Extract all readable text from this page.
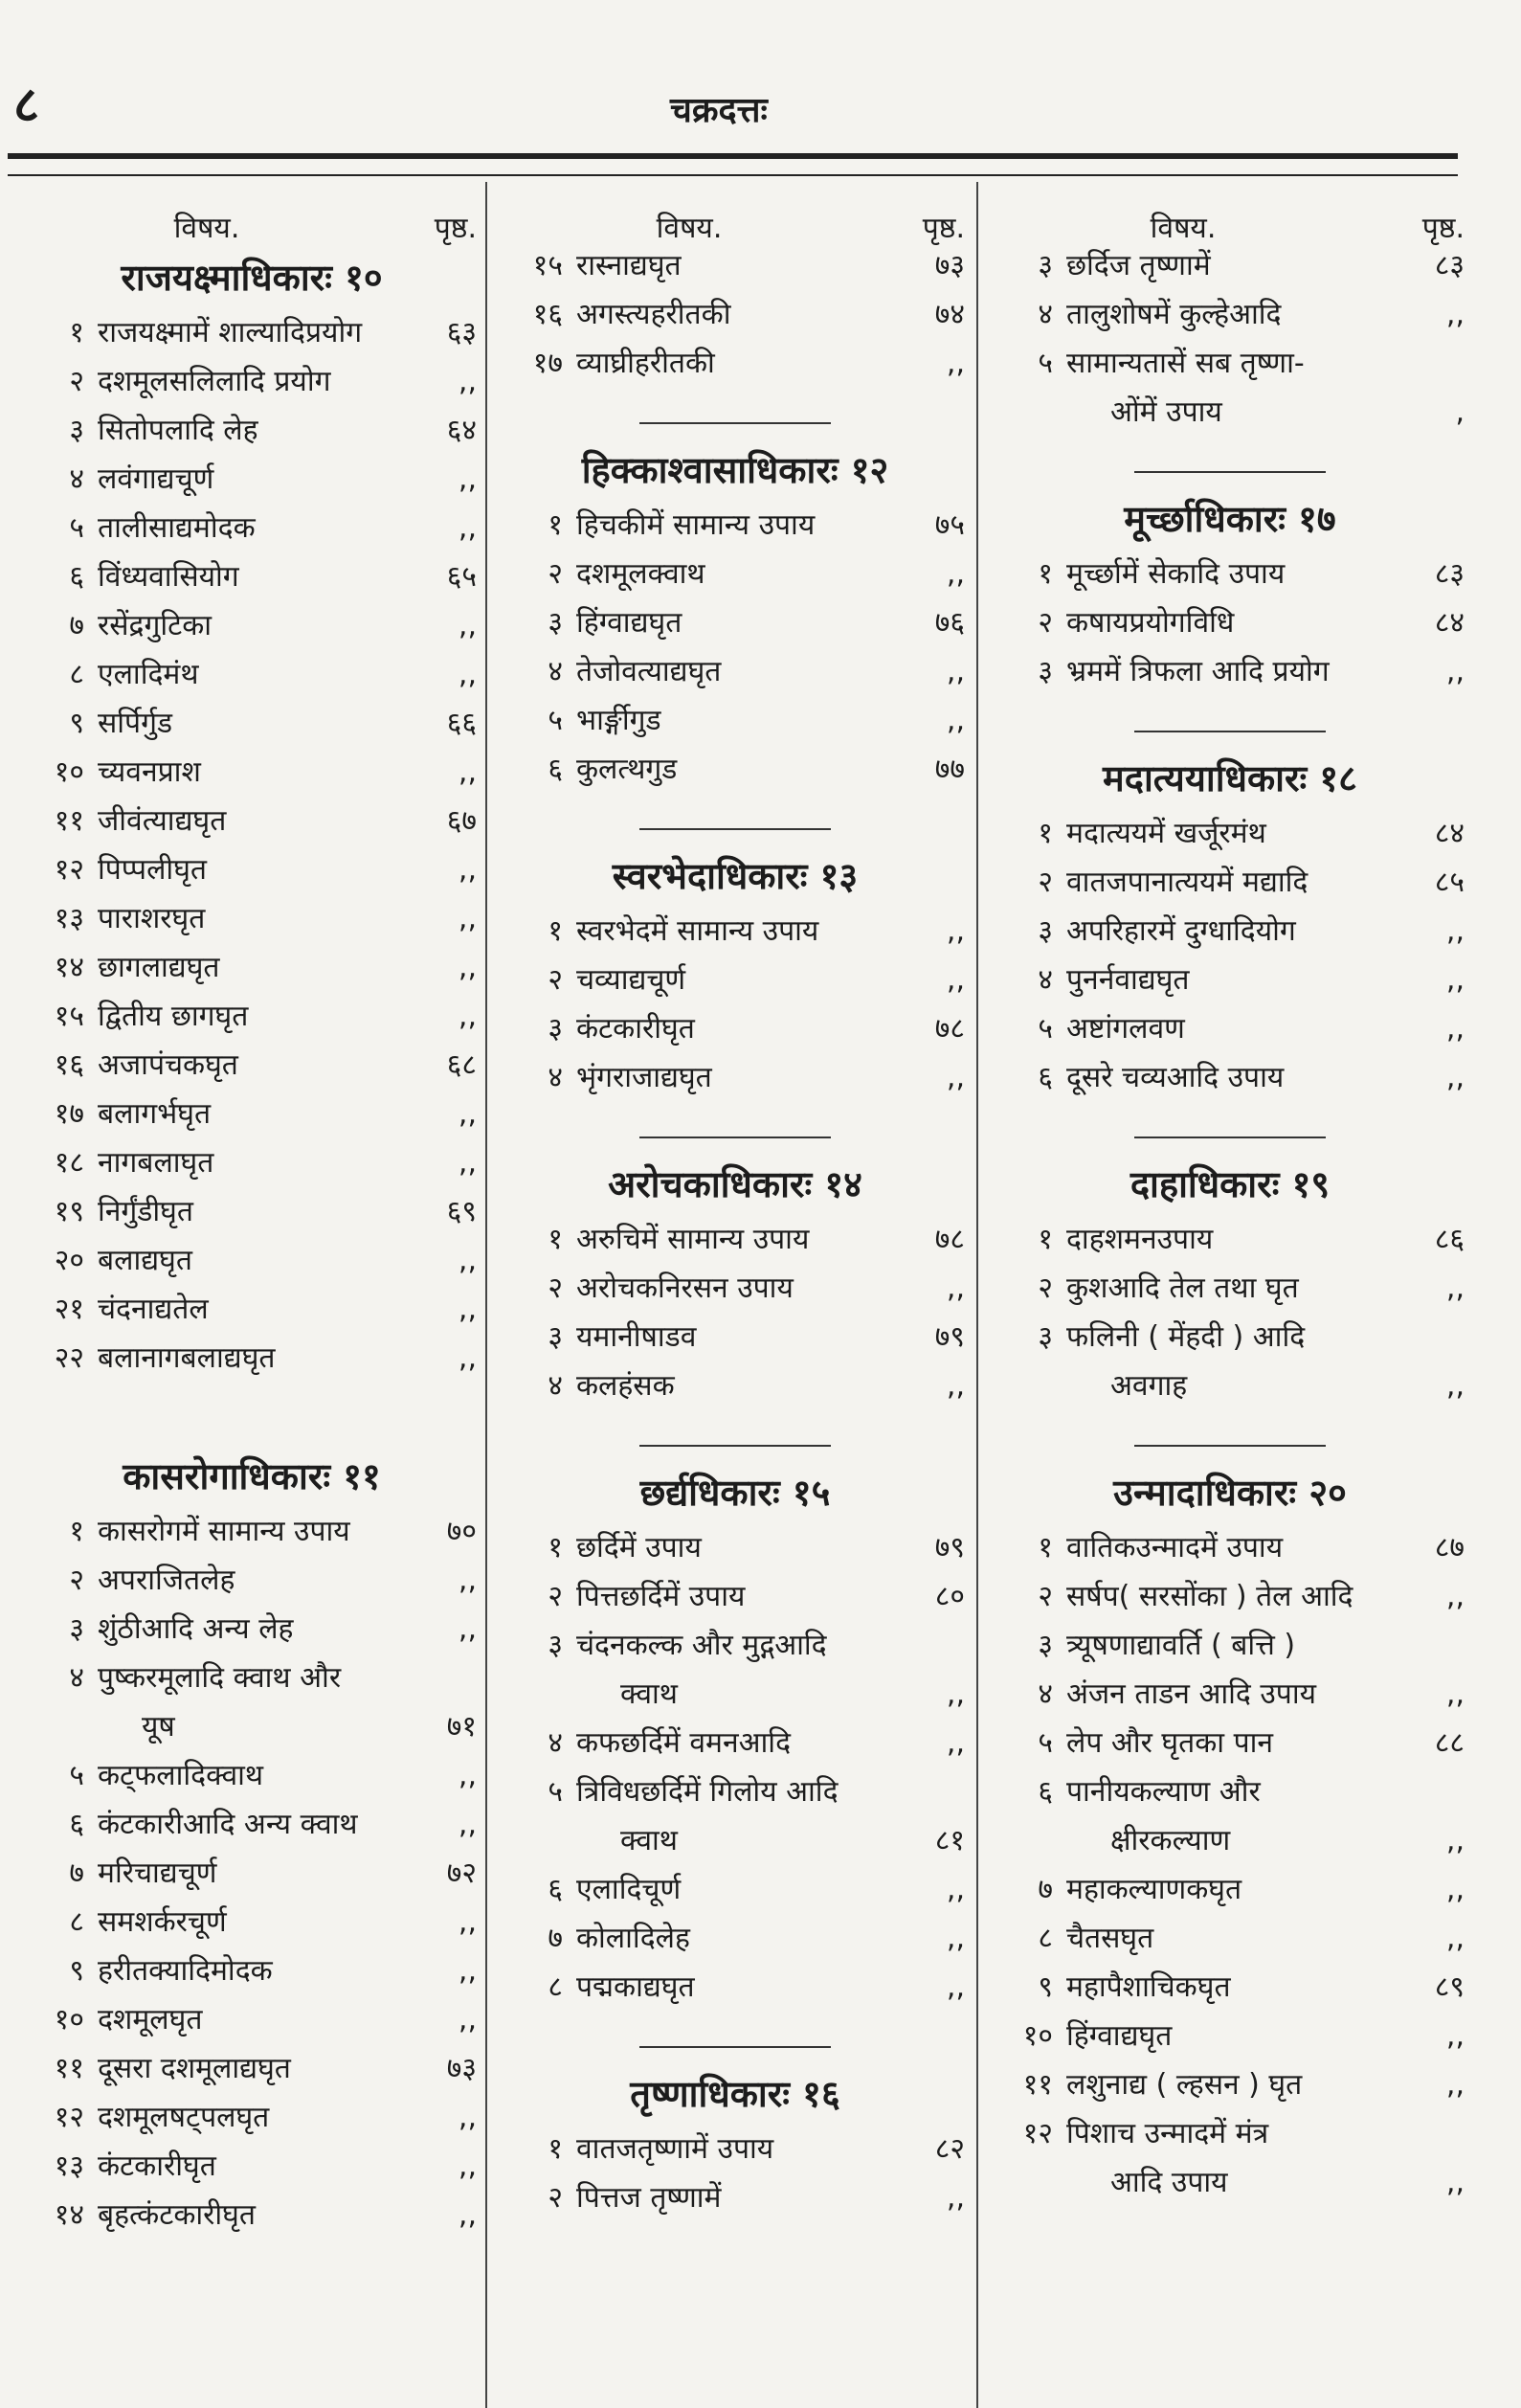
८	चक्रदत्तः
विषय.	पृष्ठ.
राजयक्ष्माधिकारः १०
१ राजयक्ष्मामें शाल्यादिप्रयोग	६३
२ दशमूलसलिलादि प्रयोग	,,
३ सितोपलादि लेह	६४
४ लवंगाद्यचूर्ण	,,
५ तालीसाद्यमोदक	,,
६ विंध्यवासियोग	६५
७ रसेंद्रगुटिका	,,
८ एलादिमंथ	,,
९ सर्पिर्गुड	६६
१० च्यवनप्राश	,,
११ जीवंत्याद्यघृत	६७
१२ पिप्पलीघृत	,,
१३ पाराशरघृत	,,
१४ छागलाद्यघृत	,,
१५ द्वितीय छागघृत	,,
१६ अजापंचकघृत	६८
१७ बलागर्भघृत	,,
१८ नागबलाघृत	,,
१९ निर्गुंडीघृत	६९
२० बलाद्यघृत	,,
२१ चंदनाद्यतेल	,,
२२ बलानागबलाद्यघृत	,,
कासरोगाधिकारः ११
१ कासरोगमें सामान्य उपाय	७०
२ अपराजितलेह	,,
३ शुंठीआदि अन्य लेह	,,
४ पुष्करमूलादि क्वाथ और
यूष	७१
५ कट्फलादिक्वाथ	,,
६ कंटकारीआदि अन्य क्वाथ	,,
७ मरिचाद्यचूर्ण	७२
८ समशर्करचूर्ण	,,
९ हरीतक्यादिमोदक	,,
१० दशमूलघृत	,,
११ दूसरा दशमूलाद्यघृत	७३
१२ दशमूलषट्पलघृत	,,
१३ कंटकारीघृत	,,
१४ बृहत्कंटकारीघृत	,,
विषय.	पृष्ठ.
१५ रास्नाद्यघृत	७३
१६ अगस्त्यहरीतकी	७४
१७ व्याघ्रीहरीतकी	,,
हिक्काश्वासाधिकारः १२
१ हिचकीमें सामान्य उपाय	७५
२ दशमूलक्वाथ	,,
३ हिंग्वाद्यघृत	७६
४ तेजोवत्याद्यघृत	,,
५ भार्ङ्गीगुड	,,
६ कुलत्थगुड	७७
स्वरभेदाधिकारः १३
१ स्वरभेदमें सामान्य उपाय	,,
२ चव्याद्यचूर्ण	,,
३ कंटकारीघृत	७८
४ भृंगराजाद्यघृत	,,
अरोचकाधिकारः १४
१ अरुचिमें सामान्य उपाय	७८
२ अरोचकनिरसन उपाय	,,
३ यमानीषाडव	७९
४ कलहंसक	,,
छर्द्यधिकारः १५
१ छर्दिमें उपाय	७९
२ पित्तछर्दिमें उपाय	८०
३ चंदनकल्क और मुद्गआदि
क्वाथ	,,
४ कफछर्दिमें वमनआदि	,,
५ त्रिविधछर्दिमें गिलोय आदि
क्वाथ	८१
६ एलादिचूर्ण	,,
७ कोलादिलेह	,,
८ पद्मकाद्यघृत	,,
तृष्णाधिकारः १६
१ वातजतृष्णामें उपाय	८२
२ पित्तज तृष्णामें	,,
विषय.	पृष्ठ.
३ छर्दिज तृष्णामें	८३
४ तालुशोषमें कुल्हेआदि	,,
५ सामान्यतासें सब तृष्णा-
ओंमें उपाय	,
मूर्च्छाधिकारः १७
१ मूर्च्छामें सेकादि उपाय	८३
२ कषायप्रयोगविधि	८४
३ भ्रममें त्रिफला आदि प्रयोग	,,
मदात्ययाधिकारः १८
१ मदात्ययमें खर्जूरमंथ	८४
२ वातजपानात्ययमें मद्यादि	८५
३ अपरिहारमें दुग्धादियोग	,,
४ पुनर्नवाद्यघृत	,,
५ अष्टांगलवण	,,
६ दूसरे चव्यआदि उपाय	,,
दाहाधिकारः १९
१ दाहशमनउपाय	८६
२ कुशआदि तेल तथा घृत	,,
३ फलिनी ( मेंहदी ) आदि
अवगाह	,,
उन्मादाधिकारः २०
१ वातिकउन्मादमें उपाय	८७
२ सर्षप( सरसोंका ) तेल आदि	,,
३ त्र्यूषणाद्यावर्ति ( बत्ति )
४ अंजन ताडन आदि उपाय	,,
५ लेप और घृतका पान	८८
६ पानीयकल्याण और
क्षीरकल्याण	,,
७ महाकल्याणकघृत	,,
८ चैतसघृत	,,
९ महापैशाचिकघृत	८९
१० हिंग्वाद्यघृत	,,
११ लशुनाद्य ( ल्हसन ) घृत	,,
१२ पिशाच उन्मादमें मंत्र
आदि उपाय	,,
